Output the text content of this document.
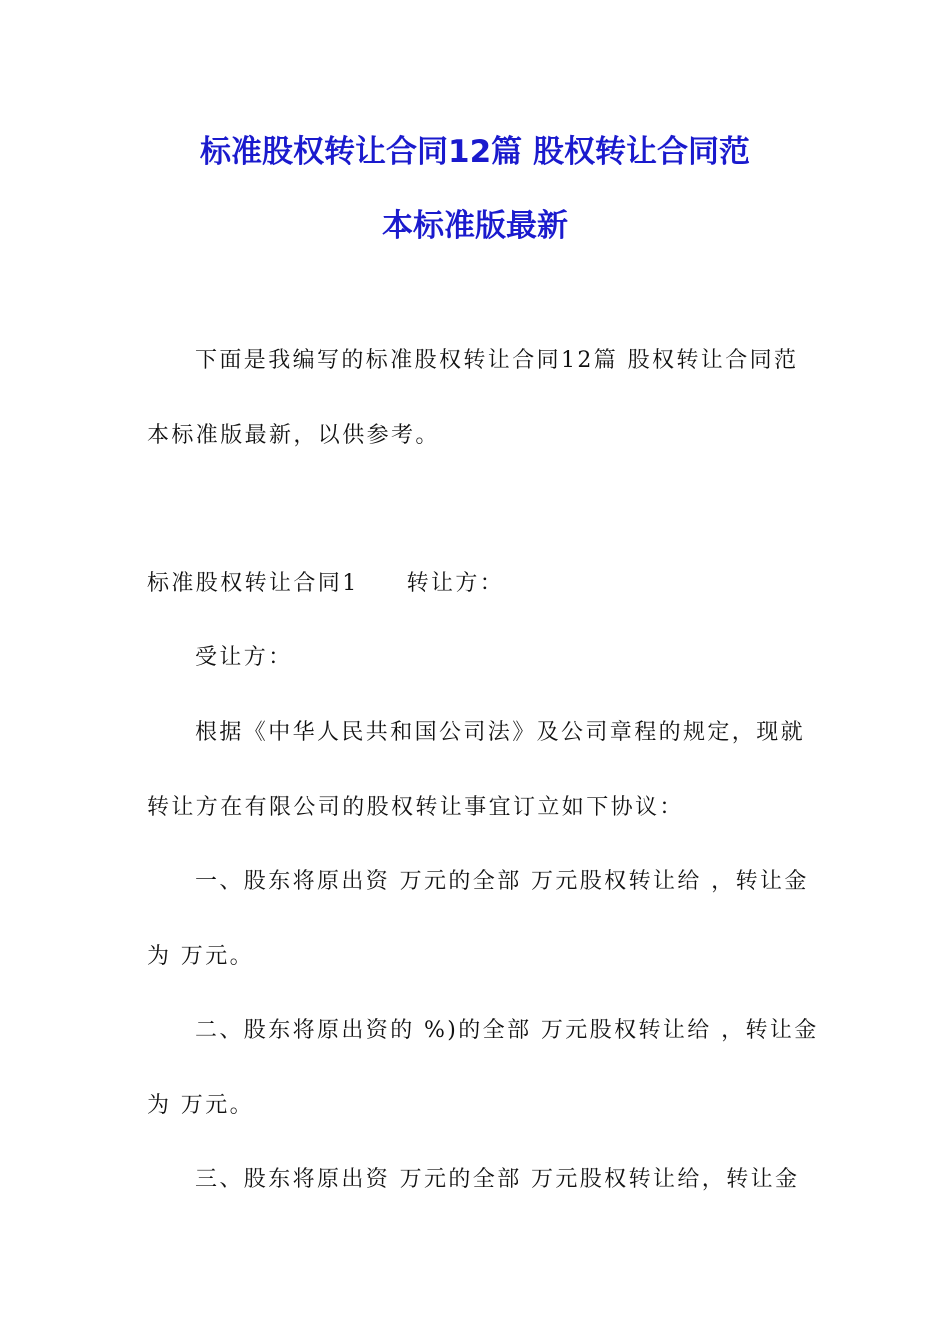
标准股权转让合同12篇 股权转让合同范
本标准版最新
下面是我编写的标准股权转让合同12篇 股权转让合同范
本标准版最新，以供参考。
标准股权转让合同1 转让方：
受让方：
根据《中华人民共和国公司法》及公司章程的规定，现就
转让方在有限公司的股权转让事宜订立如下协议：
一、股东将原出资 万元的全部 万元股权转让给 ，转让金
为 万元。
二、股东将原出资的 %)的全部 万元股权转让给 ，转让金
为 万元。
三、股东将原出资 万元的全部 万元股权转让给，转让金
